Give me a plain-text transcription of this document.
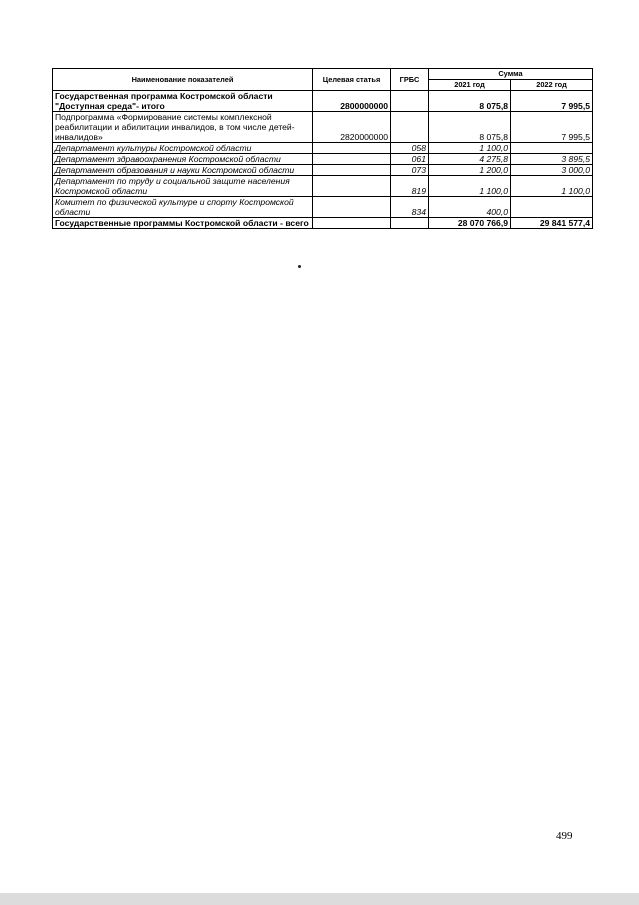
Наименование показателей	Целевая статья	ГРБС	Сумма	
			2021 год	2022 год
Государственная программа Костромской области "Доступная среда"- итого	2800000000		8 075,8	7 995,5
Подпрограмма «Формирование системы комплексной реабилитации и абилитации инвалидов, в том числе детей-инвалидов»	2820000000		8 075,8	7 995,5
Департамент культуры Костромской области		058	1 100,0	
Департамент здравоохранения Костромской области		061	4 275,8	3 895,5
Департамент образования и науки Костромской области		073	1 200,0	3 000,0
Департамент по труду и социальной защите населения Костромской области		819	1 100,0	1 100,0
Комитет по физической культуре и спорту Костромской области		834	400,0	
Государственные программы Костромской области - всего			28 070 766,9	29 841 577,4
499
